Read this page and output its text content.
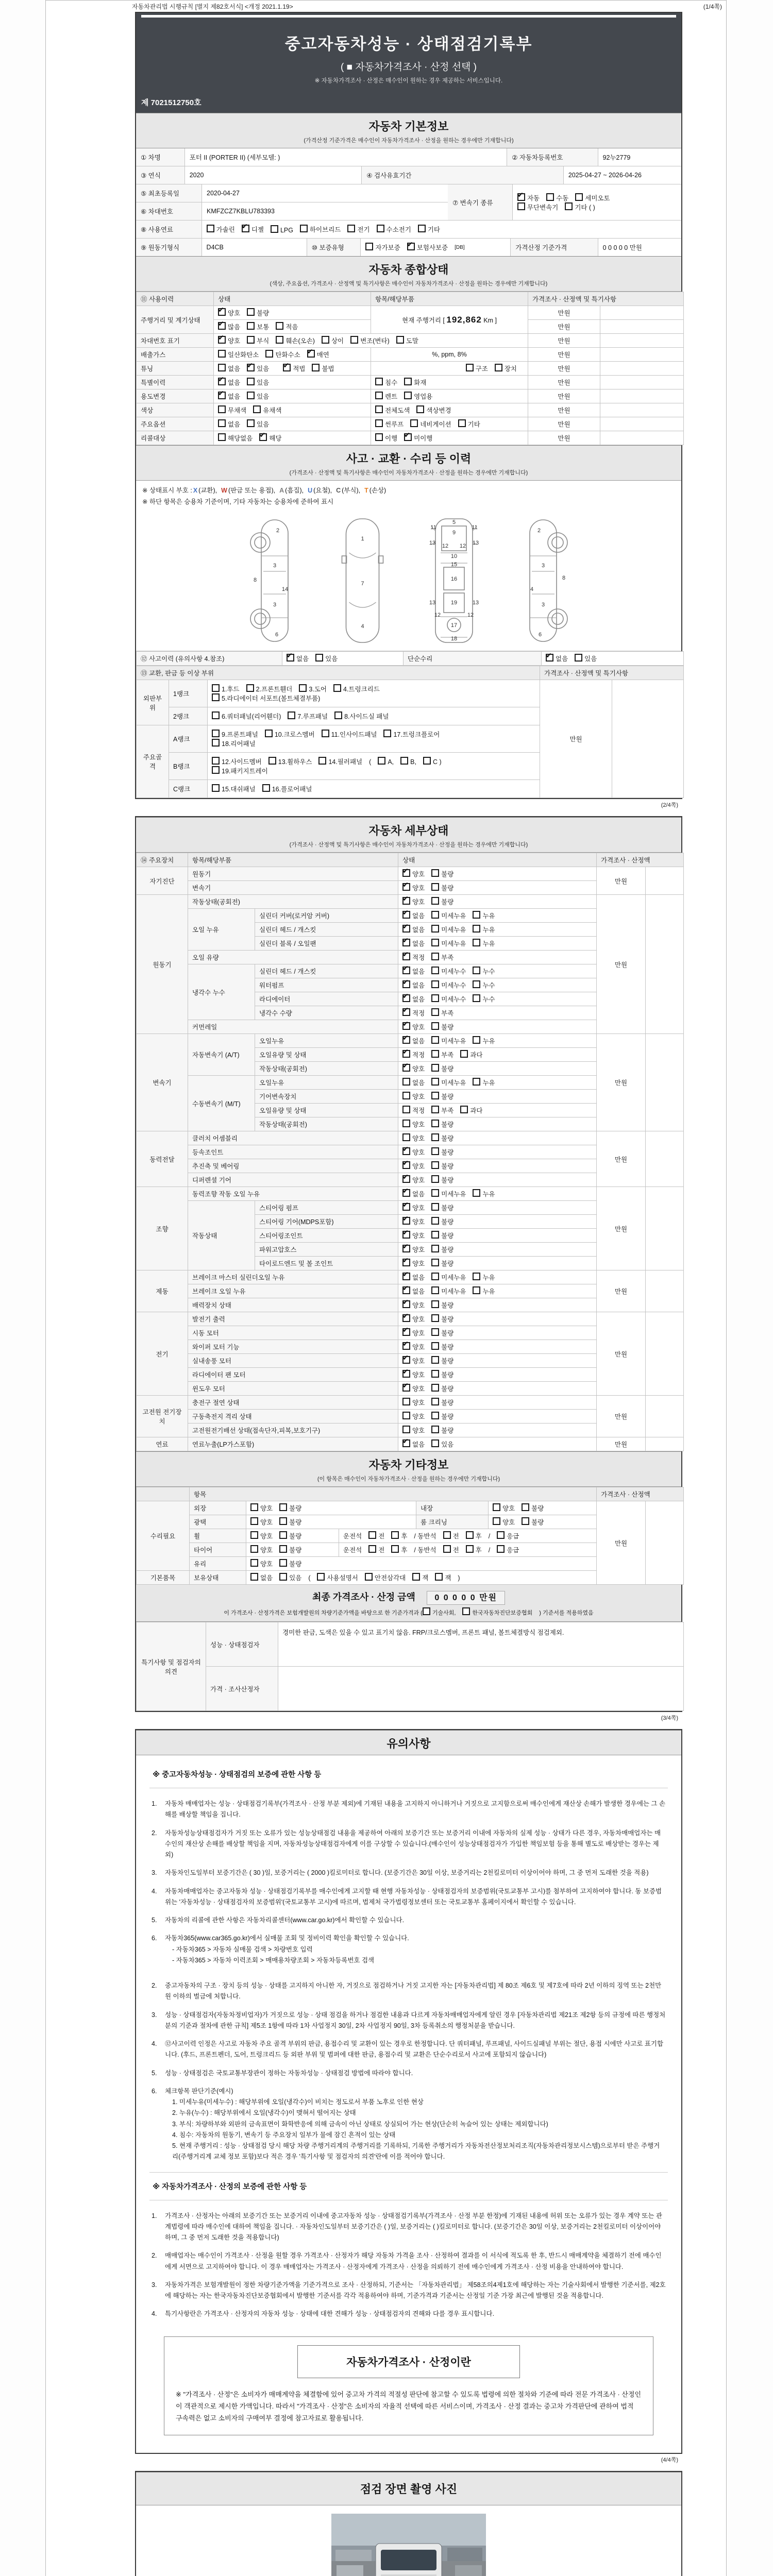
자동차관리법 시행규칙 [별지 제82호서식] <개정 2021.1.19>	(1/4쪽)
중고자동차성능 · 상태점검기록부
( ■ 자동차가격조사 · 산정 선택 )
※ 자동차가격조사 · 산정은 매수인이 원하는 경우 제공하는 서비스입니다.
제 7021512750호
자동차 기본정보
(가격산정 기준가격은 매수인이 자동차가격조사 · 산정을 원하는 경우에만 기재합니다)
① 차명	포터 II (PORTER II) (세부모델: )	② 자동차등록번호	92누2779
③ 연식	2020	④ 검사유효기간	2025-04-27 ~ 2026-04-26
⑤ 최초등록일	2020-04-27
⑥ 차대번호	KMFZCZ7KBLU783393
⑦ 변속기 종류
✔자동	수동	세미오토
무단변속기	기타 ( )
⑧ 사용연료	가솔린 ✔	디젤	LPG	하이브리드	전기	수소전기	기타
⑨ 원동기형식	D4CB	⑩ 보증유형	자가보증 ✔	보험사보증 [DB]	가격산정 기준가격	0 0 0 0 0 만원
자동차 종합상태
(색상, 주요옵션, 가격조사 · 산정액 및 특기사항은 매수인이 자동차가격조사 · 산정을 원하는 경우에만 기재합니다)
⑪ 사용이력	상태	항목/해당부품	가격조사 · 산정액 및 특기사항	
주행거리 및 계기상태	✔양호 불량	현재 주행거리 [ 192,862 Km ]	만원	
✔많음 보통 적음		만원	
차대번호 표기	✔양호 부식 훼손(오손) 상이 변조(변타) 도말		만원	
배출가스	일산화탄소 탄화수소 ✔ 매연	%, ppm, 8%	만원	
튜닝	없음 ✔ 있음 ✔ 적법 불법	구조 장치	만원	
특별이력	✔없음 있음	침수 화재	만원	
용도변경	✔없음 있음	렌트 영업용	만원	
색상	무채색 유채색	전체도색 색상변경	만원	
주요옵션	없음 있음	썬루프 네비게이션 기타	만원	
리콜대상	해당없음 ✔ 해당	이행 ✔ 미이행	만원	
사고 · 교환 · 수리 등 이력
(가격조사 · 산정액 및 특기사항은 매수인이 자동차가격조사 · 산정을 원하는 경우에만 기재합니다)
※ 상태표시 부호 : X (교환), W (판금 또는 용접), A (흠집), U (요철), C (부식), T (손상)
※ 하단 항목은 승용차 기준이며, 기타 자동차는 승용차에 준하여 표시
2
8
3
14
3
6
1
7
4
5
9
11	11
13	13
12 12
10
15
16
13	13
19
12	12
17
18
2
8
3
4
3
6
⑫ 사고이력 (유의사항 4.참조)	✔없음	있음	단순수리	✔없음	있음
⑬ 교환, 판금 등 이상 부위			가격조사 · 산정액 및 특기사항	
외판부위	1랭크	1.후드 2.프론트휀더 3.도어 4.트렁크리드
5.라디에이터 서포트(볼트체결부품)	만원	
	2랭크	6.쿼터패널(리어휀더) 7.루프패널 8.사이드실 패널		
주요골격	A랭크	9.프론트패널 10.크로스멤버 11.인사이드패널 17.트렁크플로어
18.리어패널		
	B랭크	12.사이드멤버 13.휠하우스 14.필러패널 ( A, B, C )
19.패키지트레이		
	C랭크	15.대쉬패널 16.플로어패널		
(2/4쪽)
자동차 세부상태
(가격조사 · 산정액 및 특기사항은 매수인이 자동차가격조사 · 산정을 원하는 경우에만 기재합니다)
⑭ 주요장치	항목/해당부품		상태	가격조사 · 산정액	
자기진단	원동기	✔양호 불량	만원	
	변속기	✔양호 불량
원동기	작동상태(공회전)	✔양호 불량	만원	
	오일 누유	실린더 커버(로커암 커버)	✔없음 미세누유 누유
		실린더 헤드 / 개스킷	✔없음 미세누유 누유
		실린더 블록 / 오일팬	✔없음 미세누유 누유
	오일 유량	✔적정 부족
	냉각수 누수	실린더 헤드 / 개스킷	✔없음 미세누수 누수
		워터펌프	✔없음 미세누수 누수
		라디에이터	✔없음 미세누수 누수
		냉각수 수량	✔적정 부족
	커먼레일	✔양호 불량
변속기	자동변속기 (A/T)	오일누유	✔없음 미세누유 누유	만원	
		오일유량 및 상태	✔적정 부족 과다
		작동상태(공회전)	✔양호 불량
	수동변속기 (M/T)	오일누유	없음 미세누유 누유		
		기어변속장치	양호 불량		
		오일유량 및 상태	적정 부족 과다		
		작동상태(공회전)	양호 불량		
동력전달	클러치 어셈블리		양호 불량	만원	
	등속조인트	✔양호 불량
	추진축 및 베어링	✔양호 불량
	디퍼렌셜 기어	✔양호 불량
조향	동력조향 작동 오일 누유	✔없음 미세누유 누유	만원	
	작동상태	스티어링 펌프	✔양호 불량
		스티어링 기어(MDPS포함)	✔양호 불량
		스티어링조인트	✔양호 불량
		파워고압호스	✔양호 불량
		타이로드엔드 및 볼 조인트	✔양호 불량
제동	브레이크 마스터 실린더오일 누유	✔없음 미세누유 누유	만원	
	브레이크 오일 누유	✔없음 미세누유 누유
	배력장치 상태	✔양호 불량
전기	발전기 출력	✔양호 불량	만원	
	시동 모터	✔양호 불량
	와이퍼 모터 기능	✔양호 불량
	실내송풍 모터	✔양호 불량
	라디에이터 팬 모터	✔양호 불량
	윈도우 모터	✔양호 불량
고전원 전기장치	충전구 절연 상태		양호 불량	만원	
	구동축전지 격리 상태		양호 불량		
	고전원전기배선 상태(접속단자,피복,보호기구)		양호 불량		
연료	연료누출(LP가스포함)	✔없음 있음	만원	
자동차 기타정보
(이 항목은 매수인이 자동차가격조사 · 산정을 원하는 경우에만 기재합니다)
	항목					가격조사 · 산정액	
수리필요	외장	양호 불량		내장	양호 불량	만원	
	광택	양호 불량		룸 크리닝	양호 불량		
	휠	양호 불량	운전석 전 후 / 동반석 전 후 / 응급				
	타이어	양호 불량	운전석 전 후 / 동반석 전 후 / 응급				
	유리	양호 불량					
기본품목	보유상태	없음 있음 ( 사용설명서 안전삼각대 잭 잭 )					
최종 가격조사 · 산정 금액 0 0 0 0 0 만원
이 가격조사 · 산정가격은 보험개발원의 차량기준가액을 바탕으로 한 기준가격과 ( 기술사회,	한국자동차진단보증협회 ) 기준서를 적용하였음
특기사항 및 점검자의 의견	성능 · 상태점검자	경미한 판금, 도색은 있을 수 있고 표기치 않음. FRP/크로스멤버, 프론트 패널, 볼트체결방식 점검제외.
	가격 · 조사산정자	
(3/4쪽)
유의사항
※ 중고자동차성능 · 상태점검의 보증에 관한 사항 등
1.	자동차 매매업자는 성능 · 상태점검기록부(가격조사 · 산정 부분 제외)에 기재된 내용을 고지하지 아니하거나 거짓으로 고지함으로써 매수인에게 재산상 손해가 발생한 경우에는 그 손해를 배상할 책임을 집니다.
2.	자동차성능상태점검자가 거짓 또는 오류가 있는 성능상태점검 내용을 제공하여 아래의 보증기간 또는 보증거리 이내에 자동차의 실제 성능 · 상태가 다른 경우, 자동차매매업자는 매수인의 재산상 손해를 배상할 책임을 지며, 자동차성능상태점검자에게 이를 구상할 수 있습니다.(매수인이 성능상태점검자가 가입한 책임보험 등을 통해 별도로 배상받는 경우는 제외)
3.	자동차인도일부터 보증기간은 ( 30 )일, 보증거리는 ( 2000 )킬로미터로 합니다. (보증기간은 30일 이상, 보증거리는 2천킬로미터 이상이어야 하며, 그 중 먼저 도래한 것을 적용)
4.	자동차매매업자는 중고자동차 성능 · 상태점검기록부를 매수인에게 고지할 때 현행 자동차성능 · 상태점검자의 보증범위(국토교통부 고시)를 첨부하여 고지하여야 합니다. 동 보증범위는 '자동차성능 · 상태점검자의 보증범위'(국토교통부 고시)에 따르며, 법제처 국가법령정보센터 또는 국토교통부 홈페이지에서 확인할 수 있습니다.
5.	자동차의 리콜에 관한 사항은 자동차리콜센터(www.car.go.kr)에서 확인할 수 있습니다.
6.	자동차365(www.car365.go.kr)에서 실매물 조회 및 정비이력 확인을 확인할 수 있습니다.
- 자동차365 > 자동차 실매물 검색 > 차량번호 입력
- 자동차365 > 자동차 이력조회 > 매매용차량조회 > 자동차등록번호 검색
2.	중고자동차의 구조 · 장치 등의 성능 · 상태를 고지하지 아니한 자, 거짓으로 점검하거나 거짓 고지한 자는 [자동차관리법] 제 80조 제6호 및 제7호에 따라 2년 이하의 징역 또는 2천만원 이하의 벌금에 처합니다.
3.	성능 · 상태점검자(자동차정비업자)가 거짓으로 성능 · 상태 점검을 하거나 점검한 내용과 다르게 자동차매매업자에게 알린 경우 [자동차관리법 제21조 제2항 등의 규정에 따른 행정처분의 기준과 절차에 관한 규칙] 제5조 1항에 따라 1차 사업정지 30일, 2차 사업정지 90일, 3차 등록취소의 행정처분을 받습니다.
4.	⑫사고이력 인정은 사고로 자동차 주요 골격 부위의 판금, 용접수리 및 교환이 있는 경우로 한정합니다. 단 쿼터패널, 루프패널, 사이드실패널 부위는 절단, 용접 시에만 사고로 표기합니다. (후드, 프론트펜더, 도어, 트렁크리드 등 외판 부위 및 범퍼에 대한 판금, 용접수리 및 교환은 단순수리로서 사고에 포함되지 않습니다)
5.	성능 · 상태점검은 국토교통부장관이 정하는 자동차성능 · 상태점검 방법에 따라야 합니다.
6.	체크항목 판단기준(예시)
1. 미세누유(미세누수) : 해당부위에 오일(냉각수)이 비치는 정도로서 부품 노후로 인한 현상
2. 누유(누수) : 해당부위에서 오일(냉각수)이 맺혀서 떨어지는 상태
3. 부식: 차량하부와 외판의 금속표면이 화학반응에 의해 금속이 아닌 상태로 상실되어 가는 현상(단순히 녹슬어 있는 상태는 제외합니다)
4. 침수: 자동차의 원동기, 변속기 등 주요장치 일부가 물에 잠긴 흔적이 있는 상태
5. 현재 주행거리 : 성능 · 상태점검 당시 해당 차량 주행거리계의 주행거리를 기록하되, 기록한 주행거리가 자동차전산정보처리조직(자동차관리정보시스템)으로부터 받은 주행거리(주행거리계 교체 정보 포함)보다 적은 경우 '특기사항 및 점검자의 의견'란에 이를 적어야 합니다.
※ 자동차가격조사 · 산정의 보증에 관한 사항 등
1.	가격조사 · 산정자는 아래의 보증기간 또는 보증거리 이내에 중고자동차 성능 · 상태점검기록부(가격조사 · 산정 부분 한정)에 기재된 내용에 허위 또는 오류가 있는 경우 계약 또는 관계법령에 따라 매수인에 대하여 책임을 집니다. · 자동차인도일부터 보증기간은 ( )일, 보증거리는 ( )킬로미터로 합니다. (보증기간은 30일 이상, 보증거리는 2천킬로미터 이상이어야 하며, 그 중 먼저 도래한 것을 적용합니다)
2.	매매업자는 매수인이 가격조사 · 산정을 원할 경우 가격조사 · 산정자가 해당 자동차 가격을 조사 · 산정하여 결과를 이 서식에 적도록 한 후, 반드시 매매계약을 체결하기 전에 매수인에게 서면으로 고지하여야 합니다. 이 경우 매매업자는 가격조사 · 산정자에게 가격조사 · 산정을 의뢰하기 전에 매수인에게 가격조사 · 산정 비용을 안내하여야 합니다.
3.	자동차가격은 보험개발원이 정한 차량기준가액을 기준가격으로 조사 · 산정하되, 기준서는 「자동차관리법」 제58조의4제1호에 해당하는 자는 기술사회에서 발행한 기준서를, 제2호에 해당하는 자는 한국자동차진단보증협회에서 발행한 기준서를 각각 적용하여야 하며, 기준가격과 기준서는 산정일 기준 가장 최근에 발행된 것을 적용합니다.
4.	특기사항란은 가격조사 · 산정자의 자동차 성능 · 상태에 대한 견해가 성능 · 상태점검자의 견해와 다를 경우 표시합니다.
자동차가격조사 · 산정이란
※ "가격조사 · 산정"은 소비자가 매매계약을 체결함에 있어 중고차 가격의 적절성 판단에 참고할 수 있도록 법령에 의한 절차와 기준에 따라 전문 가격조사 · 산정인이 객관적으로 제시한 가액입니다. 따라서 "가격조사 · 산정"은 소비자의 자율적 선택에 따른 서비스이며, 가격조사 · 산정 결과는 중고차 가격판단에 관하여 법적 구속력은 없고 소비자의 구매여부 결정에 참고자료로 활용됩니다.
(4/4쪽)
점검 장면 촬영 사진
